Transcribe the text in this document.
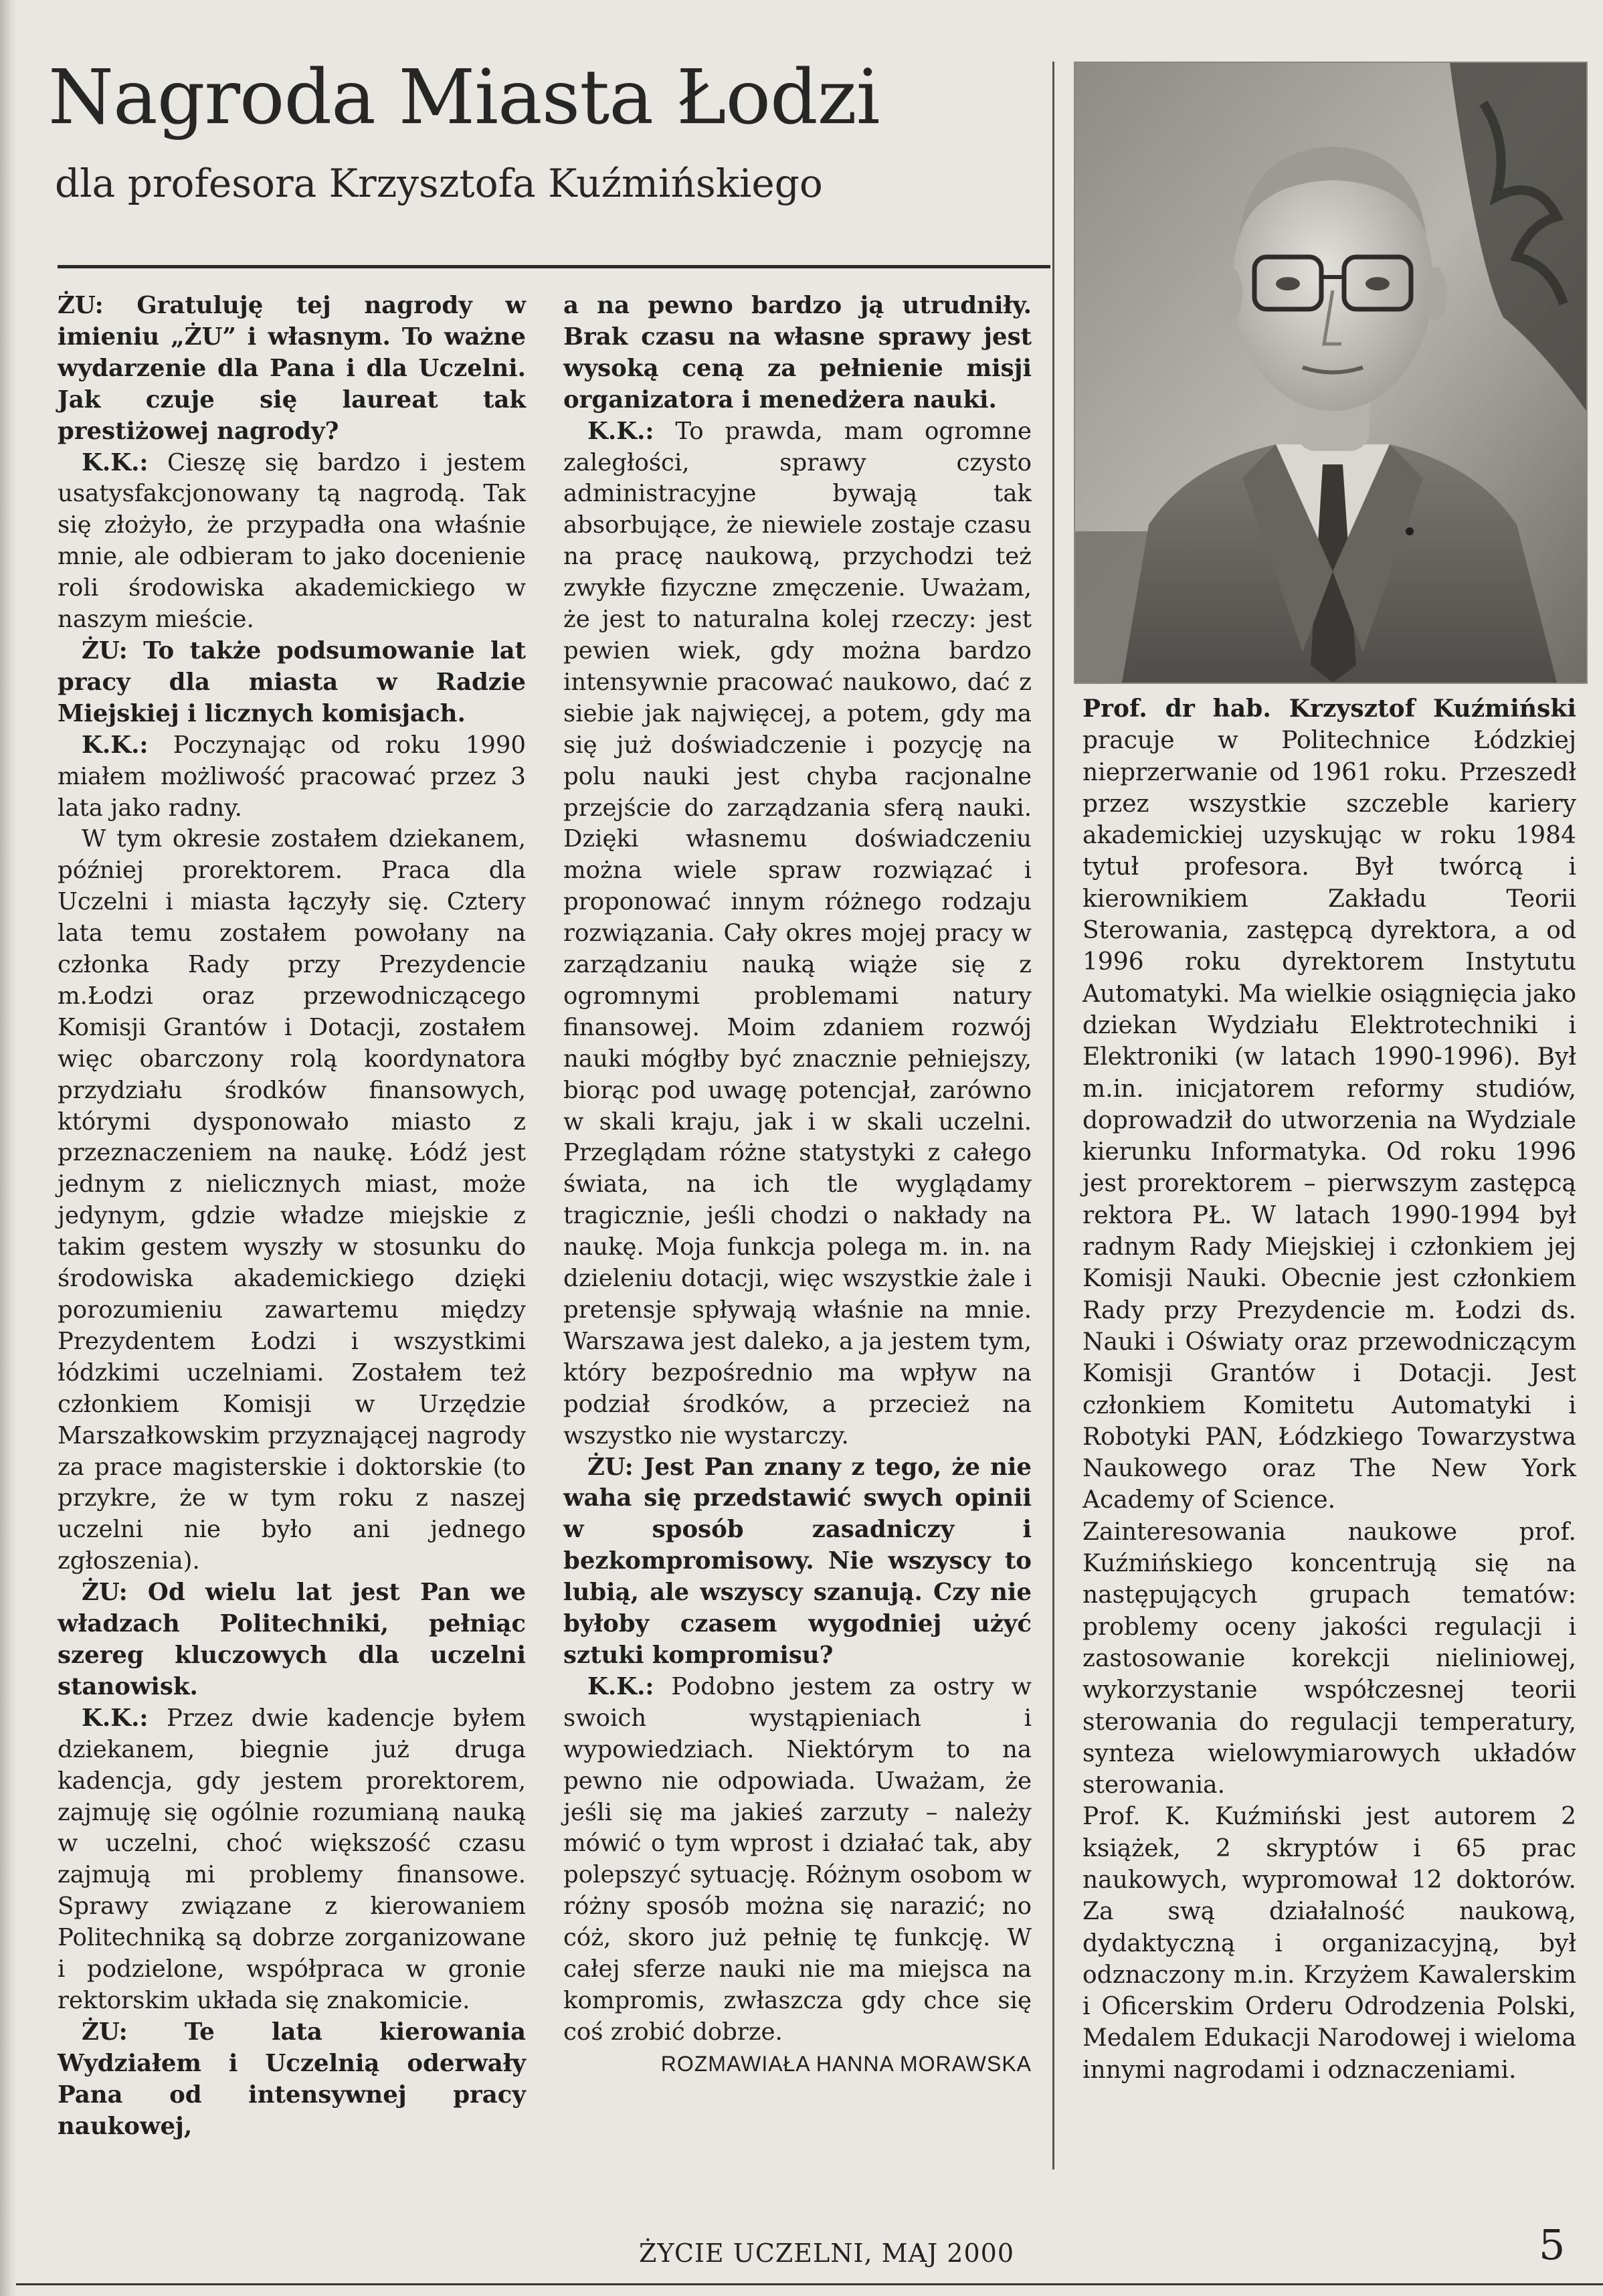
Nagroda Miasta Łodzi
dla profesora Krzysztofa Kuźmińskiego

ŻU: Gratuluję tej nagrody w imieniu „ŻU” i własnym. To ważne wydarzenie dla Pana i dla Uczelni. Jak czuje się laureat tak prestiżowej nagrody?

K.K.: Cieszę się bardzo i jestem usatysfakcjonowany tą nagrodą. Tak się złożyło, że przypadła ona właśnie mnie, ale odbieram to jako docenienie roli środowiska akademickiego w naszym mieście.

ŻU: To także podsumowanie lat pracy dla miasta w Radzie Miejskiej i licznych komisjach.

K.K.: Poczynając od roku 1990 miałem możliwość pracować przez 3 lata jako radny.

W tym okresie zostałem dziekanem, później prorektorem. Praca dla Uczelni i miasta łączyły się. Cztery lata temu zostałem powołany na członka Rady przy Prezydencie m.Łodzi oraz przewodniczącego Komisji Grantów i Dotacji, zostałem więc obarczony rolą koordynatora przydziału środków finansowych, którymi dysponowało miasto z przeznaczeniem na naukę. Łódź jest jednym z nielicznych miast, może jedynym, gdzie władze miejskie z takim gestem wyszły w stosunku do środowiska akademickiego dzięki porozumieniu zawartemu między Prezydentem Łodzi i wszystkimi łódzkimi uczelniami. Zostałem też członkiem Komisji w Urzędzie Marszałkowskim przyznającej nagrody za prace magisterskie i doktorskie (to przykre, że w tym roku z naszej uczelni nie było ani jednego zgłoszenia).

ŻU: Od wielu lat jest Pan we władzach Politechniki, pełniąc szereg kluczowych dla uczelni stanowisk.

K.K.: Przez dwie kadencje byłem dziekanem, biegnie już druga kadencja, gdy jestem prorektorem, zajmuję się ogólnie rozumianą nauką w uczelni, choć większość czasu zajmują mi problemy finansowe. Sprawy związane z kierowaniem Politechniką są dobrze zorganizowane i podzielone, współpraca w gronie rektorskim układa się znakomicie.

ŻU: Te lata kierowania Wydziałem i Uczelnią oderwały Pana od intensywnej pracy naukowej,

a na pewno bardzo ją utrudniły. Brak czasu na własne sprawy jest wysoką ceną za pełnienie misji organizatora i menedżera nauki.

K.K.: To prawda, mam ogromne zaległości, sprawy czysto administracyjne bywają tak absorbujące, że niewiele zostaje czasu na pracę naukową, przychodzi też zwykłe fizyczne zmęczenie. Uważam, że jest to naturalna kolej rzeczy: jest pewien wiek, gdy można bardzo intensywnie pracować naukowo, dać z siebie jak najwięcej, a potem, gdy ma się już doświadczenie i pozycję na polu nauki jest chyba racjonalne przejście do zarządzania sferą nauki. Dzięki własnemu doświadczeniu można wiele spraw rozwiązać i proponować innym różnego rodzaju rozwiązania. Cały okres mojej pracy w zarządzaniu nauką wiąże się z ogromnymi problemami natury finansowej. Moim zdaniem rozwój nauki mógłby być znacznie pełniejszy, biorąc pod uwagę potencjał, zarówno w skali kraju, jak i w skali uczelni. Przeglądam różne statystyki z całego świata, na ich tle wyglądamy tragicznie, jeśli chodzi o nakłady na naukę. Moja funkcja polega m. in. na dzieleniu dotacji, więc wszystkie żale i pretensje spływają właśnie na mnie. Warszawa jest daleko, a ja jestem tym, który bezpośrednio ma wpływ na podział środków, a przecież na wszystko nie wystarczy.

ŻU: Jest Pan znany z tego, że nie waha się przedstawić swych opinii w sposób zasadniczy i bezkompromisowy. Nie wszyscy to lubią, ale wszyscy szanują. Czy nie byłoby czasem wygodniej użyć sztuki kompromisu?

K.K.: Podobno jestem za ostry w swoich wystąpieniach i wypowiedziach. Niektórym to na pewno nie odpowiada. Uważam, że jeśli się ma jakieś zarzuty – należy mówić o tym wprost i działać tak, aby polepszyć sytuację. Różnym osobom w różny sposób można się narazić; no cóż, skoro już pełnię tę funkcję. W całej sferze nauki nie ma miejsca na kompromis, zwłaszcza gdy chce się coś zrobić dobrze.

ROZMAWIAŁA HANNA MORAWSKA

Prof. dr hab. Krzysztof Kuźmiński pracuje w Politechnice Łódzkiej nieprzerwanie od 1961 roku. Przeszedł przez wszystkie szczeble kariery akademickiej uzyskując w roku 1984 tytuł profesora. Był twórcą i kierownikiem Zakładu Teorii Sterowania, zastępcą dyrektora, a od 1996 roku dyrektorem Instytutu Automatyki. Ma wielkie osiągnięcia jako dziekan Wydziału Elektrotechniki i Elektroniki (w latach 1990-1996). Był m.in. inicjatorem reformy studiów, doprowadził do utworzenia na Wydziale kierunku Informatyka. Od roku 1996 jest prorektorem – pierwszym zastępcą rektora PŁ. W latach 1990-1994 był radnym Rady Miejskiej i członkiem jej Komisji Nauki. Obecnie jest członkiem Rady przy Prezydencie m. Łodzi ds. Nauki i Oświaty oraz przewodniczącym Komisji Grantów i Dotacji. Jest członkiem Komitetu Automatyki i Robotyki PAN, Łódzkiego Towarzystwa Naukowego oraz The New York Academy of Science.

Zainteresowania naukowe prof. Kuźmińskiego koncentrują się na następujących grupach tematów: problemy oceny jakości regulacji i zastosowanie korekcji nieliniowej, wykorzystanie współczesnej teorii sterowania do regulacji temperatury, synteza wielowymiarowych układów sterowania.

Prof. K. Kuźmiński jest autorem 2 książek, 2 skryptów i 65 prac naukowych, wypromował 12 doktorów. Za swą działalność naukową, dydaktyczną i organizacyjną, był odznaczony m.in. Krzyżem Kawalerskim i Oficerskim Orderu Odrodzenia Polski, Medalem Edukacji Narodowej i wieloma innymi nagrodami i odznaczeniami.

ŻYCIE UCZELNI, MAJ 2000	5
